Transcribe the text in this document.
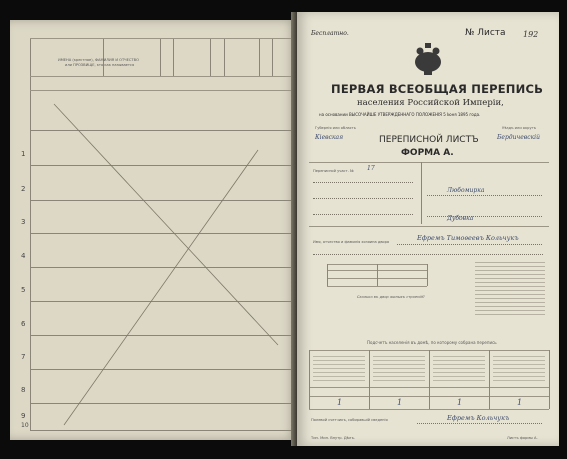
ИМЕНА (крестное), ФАМИЛИЯ И ОТЧЕСТВО
или ПРОЗВИЩЕ, кто как называется
1
2
3
4
5
6
7
8
9
10
Бесплатно.	№ Листа 192
ПЕРВАЯ ВСЕОБЩАЯ ПЕРЕПИСЬ
населения Российской Имперiи,
на основании ВЫСОЧАЙШЕ УТВЕРЖДЕННАГО ПОЛОЖЕНIЯ 5 Iюня 1895 года.
Губернiя или область
Кiевская
Уѣздъ или округъ
Бердичевскiй
ПЕРЕПИСНОЙ ЛИСТЪ
ФОРМА А.
Переписной участ. № 17
Любомирка
Дубовка
Имя, отчество и фамилiя хозяина двора	Ефремъ Тимоѳеевъ Кольчукъ
Сколько въ двор жилыхъ строенiй?
Подсчетъ населенiя въ домѣ, по которому собрана перепись
1	1	1	1
Полевой счетчикъ, собиравшiй сведенiя	Ефремъ Кольчукъ
Тип. Мин. Внутр. Дѣлъ.	Листъ формы А.
